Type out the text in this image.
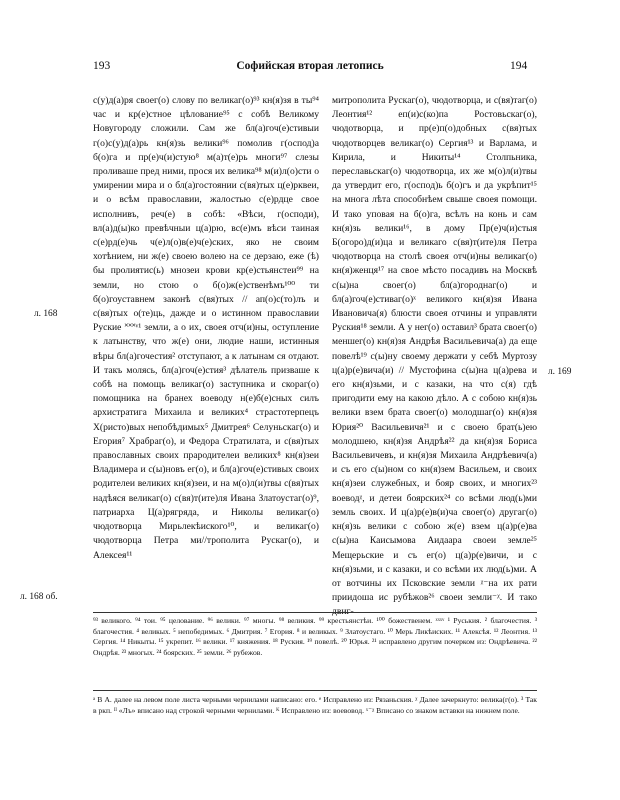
193	Софийская вторая летопись	194

с(у)д(а)ря своег(о) слову по великаг(о)⁹³ кн(я)зя в ты⁹⁴ час и кр(е)стное цѣлование⁹⁵ с собѣ Великому Новугороду сложили. Сам же бл(а)гоч(е)стивыи г(о)с(у)д(а)рь кн(я)зь велики⁹⁶ помолив г(оспод)а б(о)га и пр(е)ч(и)стую⁸ м(а)т(е)рь многи⁹⁷ слезы проливаше пред ними, прося их велика⁹⁸ м(и)л(о)сти о умирении мира и о бл(а)гостоянии с(вя)тых ц(е)рквеи, и о всѣм православии, жалостью с(е)рдце свое исполнивъ, реч(е) в собѣ: «Вѣси, г(осподи), вл(а)д(ы)ко превѣчныи ц(а)рю, вс(е)мъ вѣси таиная с(е)рд(е)чь ч(е)л(о)в(е)ч(е)ских, яко не своим хотѣнием, ни ж(е) своею волею на се дерзаю, еже (ѣ) бы пролиятис(ь) мнозеи крови кр(е)стьянстеи⁹⁹ на земли, но стою о б(о)ж(е)ственѣмъ¹⁰⁰ ти б(о)гоуставнем законѣ с(вя)тых // ап(о)с(то)лъ и с(вя)тых о(те)ць, дажде и о истинном православии Руские ˟˟˟ᵛ¹ земли, а о их, своея отч(и)ны, оступление к латынству, что ж(е) они, людие наши, истинныя вѣры бл(а)гочестия² отступают, а к латынам ся отдают. И такъ молясь, бл(а)гоч(е)стия³ дѣлатель призваше к собѣ на помощь великаг(о) заступника и скораг(о) помощника на бранех воеводу н(е)б(е)сных силъ архистратига Михаила и великих⁴ страстотерпецъ Х(ристо)вых непобѣдимых⁵ Дмитрея⁶ Селуньскаг(о) и Егория⁷ Храбраг(о), и Федора Стратилата, и с(вя)тых православных своих прародителеи великих⁸ кн(я)зеи Владимера и с(ы)новъ ег(о), и бл(а)гоч(е)стивых своих родителеи великих кн(я)зеи, и на м(о)л(и)твы с(вя)тых надѣяся великаг(о) с(вя)т(ите)ля Ивана Златоустаг(о)⁹, патриарха Ц(а)рягряда, и Николы великаг(о) чюдотворца Мирьлекѣиского¹⁰, и великаг(о) чюдотворца Петра ми//трополита Рускаг(о), и Алексея¹¹

митрополита Рускаг(о), чюдотворца, и с(вя)таг(о) Леонтия¹² еп(и)с(ко)па Ростовьскаг(о), чюдотворца, и пр(е)п(о)добных с(вя)тых чюдотворцев великаг(о) Сергия¹³ и Варлама, и Кирила, и Никиты¹⁴ Столпьника, переславьскаг(о) чюдотворца, их же м(о)л(и)твы да утвердит его, г(оспод)ь б(о)гъ и да укрѣпит¹⁵ на многа лѣта способнѣем свыше своея помощи. И тако уповая на б(о)га, всѣлъ на конь и сам кн(я)зь велики¹⁶, в дому Пр(е)ч(и)стыя Б(огоро)д(и)ца и великаго с(вя)т(ите)ля Петра чюдотворца на столѣ своея отч(и)ны великаг(о) кн(я)женця¹⁷ на свое мѣсто посадивъ на Москвѣ с(ы)на своег(о) бл(а)городнаг(о) и бл(а)гоч(е)стиваг(о)ˣ великого кн(я)зя Ивана Ивановича(я) блюсти своея отчины и управляти Руския¹⁸ земли. А у нег(о) оставил³ брата своег(о) меншег(о) кн(я)зя Андрѣя Васильевича(а) да еще повелѣ¹⁹ с(ы)ну своему держати у себѣ Муртозу ц(а)р(е)вича(и) // Мустофина с(ы)на ц(а)рева и его кн(я)зьми, и с казаки, на что с(я) гдѣ пригодити ему на какою дѣло. А с собою кн(я)зь велики взем брата своег(о) молодшаг(о) кн(я)зя Юрия²⁰ Васильевичя²¹ и с своею брат(ь)ею молодшею, кн(я)зя Андрѣя²² да кн(я)зя Бориса Васильевичевъ, и кн(я)зя Михаила Андрѣевич(а) и съ его с(ы)ном со кн(я)зем Васильем, и своих кн(я)зеи служебных, и бояр своих, и многих²³ воеводᵡ, и детеи боярских²⁴ со всѣми люд(ь)ми земль своих. И ц(а)р(е)в(и)ча своег(о) другаг(о) кн(я)зь велики с собою ж(е) взем ц(а)р(е)ва с(ы)на Каисымова Аидаара своеи земле²⁵ Мещерьские и съ ег(о) ц(а)р(е)вичи, и с кн(я)зьми, и с казаки, и со всѣми их люд(ь)ми. А от вотчины их Псковские земли ᵡ⁻на их рати приидоша ис рубѣжов²⁶ своеи земли⁻ᵡ. И тако двиг-

л. 168
л. 168 об.
л. 169

⁹³ великого. ⁹⁴ тои. ⁹⁵ целование. ⁹⁶ велики. ⁹⁷ многы. ⁹⁸ великия. ⁹⁹ крестьянстѣи. ¹⁰⁰ божественем. ˣˣˣᵛ ¹ Руськия. ² благочестия. ³ благочестия. ⁴ великых. ⁵ непобедимых. ⁶ Дмитрия. ⁷ Егория. ⁸ и великых. ⁹ Златоустаго. ¹⁰ Мерь Ликѣиских. ¹¹ Алексѣя. ¹² Леонтия. ¹³ Сергия. ¹⁴ Никыты. ¹⁵ укрепит. ¹⁶ велики. ¹⁷ княжения. ¹⁸ Руския. ¹⁹ повелѣ. ²⁰ Юрья. ²¹ исправлено другим почерком из: Ондрѣевича. ²² Ондрѣя. ²³ многых. ²⁴ боярских. ²⁵ земли. ²⁶ рубежов.

ᵃ В А. далее на левом поле листа черными чернилами написано: его. ᵉ Исправлено из: Рязаньския. ᵡ Далее зачеркнуто: велика(г(о). ³ Так в ркп. ᴵᴵ «Лъ» вписано над строкой черными чернилами. ᴷ Исправлено из: вoевовод. ˣ⁻ᵡ Вписано со знаком вставки на нижнем поле.
